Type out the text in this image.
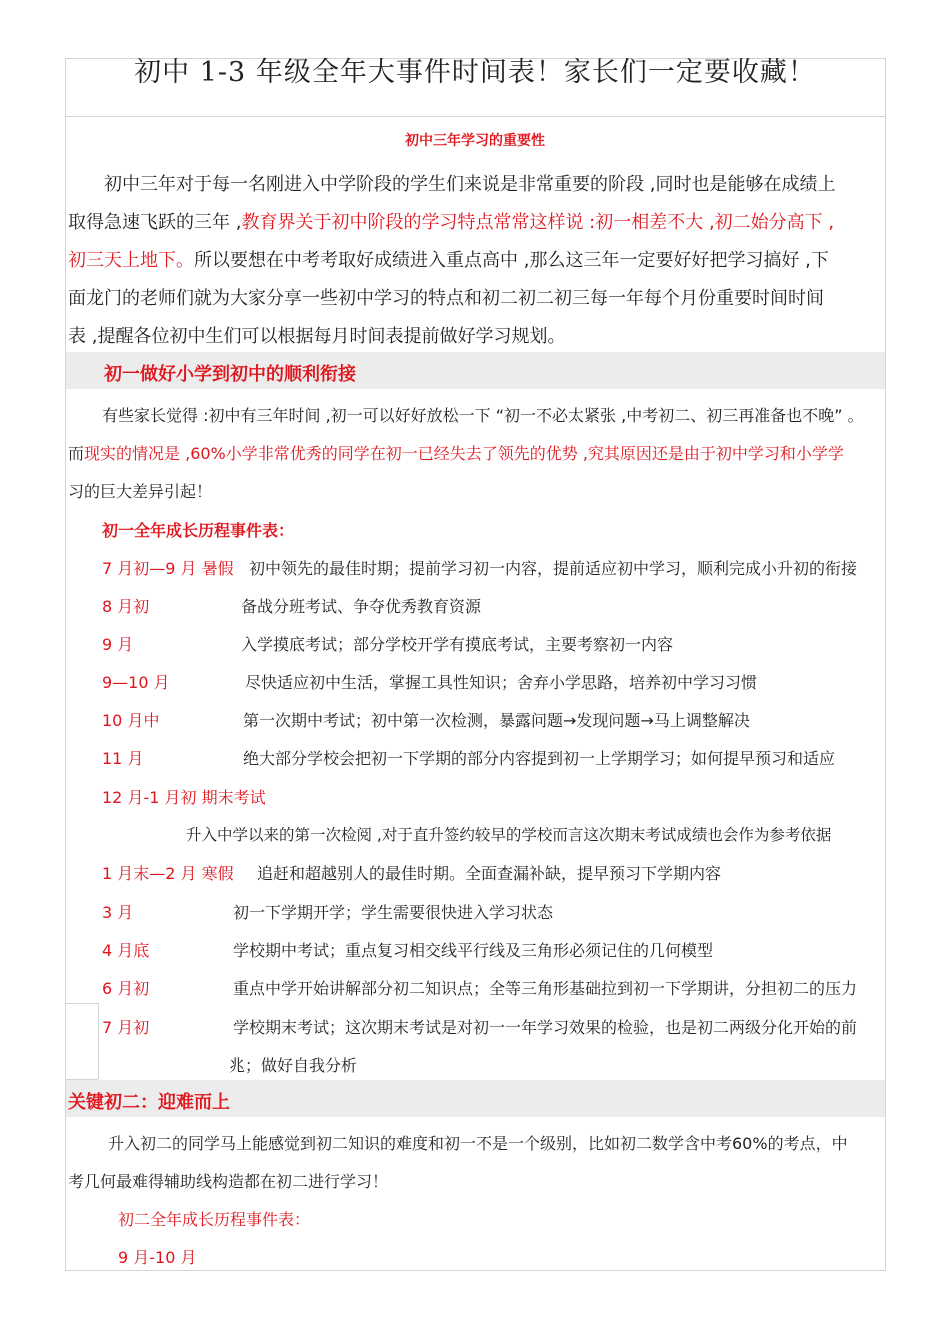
初中 1-3 年级全年大事件时间表！家长们一定要收藏！
初中三年学习的重要性
初中三年对于每一名刚进入中学阶段的学生们来说是非常重要的阶段 ,同时也是能够在成绩上
取得急速飞跃的三年 ,教育界关于初中阶段的学习特点常常这样说 :初一相差不大 ,初二始分高下 ,
初三天上地下。所以要想在中考考取好成绩进入重点高中 ,那么这三年一定要好好把学习搞好 ,下
面龙门的老师们就为大家分享一些初中学习的特点和初二初二初三每一年每个月份重要时间时间
表 ,提醒各位初中生们可以根据每月时间表提前做好学习规划。
初一做好小学到初中的顺利衔接
有些家长觉得 :初中有三年时间 ,初一可以好好放松一下 “初一不必太紧张 ,中考初二、初三再准备也不晚” 。
而现实的情况是 ,60%小学非常优秀的同学在初一已经失去了领先的优势 ,究其原因还是由于初中学习和小学学
习的巨大差异引起！
初一全年成长历程事件表：
7 月初—9 月 暑假 初中领先的最佳时期；提前学习初一内容，提前适应初中学习，顺利完成小升初的衔接
8 月初	备战分班考试、争夺优秀教育资源
9 月	入学摸底考试；部分学校开学有摸底考试，主要考察初一内容
9—10 月	尽快适应初中生活，掌握工具性知识；舍弃小学思路，培养初中学习习惯
10 月中	第一次期中考试；初中第一次检测，暴露问题→发现问题→马上调整解决
11 月	绝大部分学校会把初一下学期的部分内容提到初一上学期学习；如何提早预习和适应
12 月-1 月初 期末考试
升入中学以来的第一次检阅 ,对于直升签约较早的学校而言这次期末考试成绩也会作为参考依据
1 月末—2 月 寒假 追赶和超越别人的最佳时期。全面查漏补缺，提早预习下学期内容
3 月	初一下学期开学；学生需要很快进入学习状态
4 月底	学校期中考试；重点复习相交线平行线及三角形必须记住的几何模型
6 月初	重点中学开始讲解部分初二知识点；全等三角形基础拉到初一下学期讲，分担初二的压力
7 月初	学校期末考试；这次期末考试是对初一一年学习效果的检验，也是初二两级分化开始的前
兆；做好自我分析
关键初二：迎难而上
升入初二的同学马上能感觉到初二知识的难度和初一不是一个级别，比如初二数学含中考60%的考点，中
考几何最难得辅助线构造都在初二进行学习！
初二全年成长历程事件表：
9 月-10 月
